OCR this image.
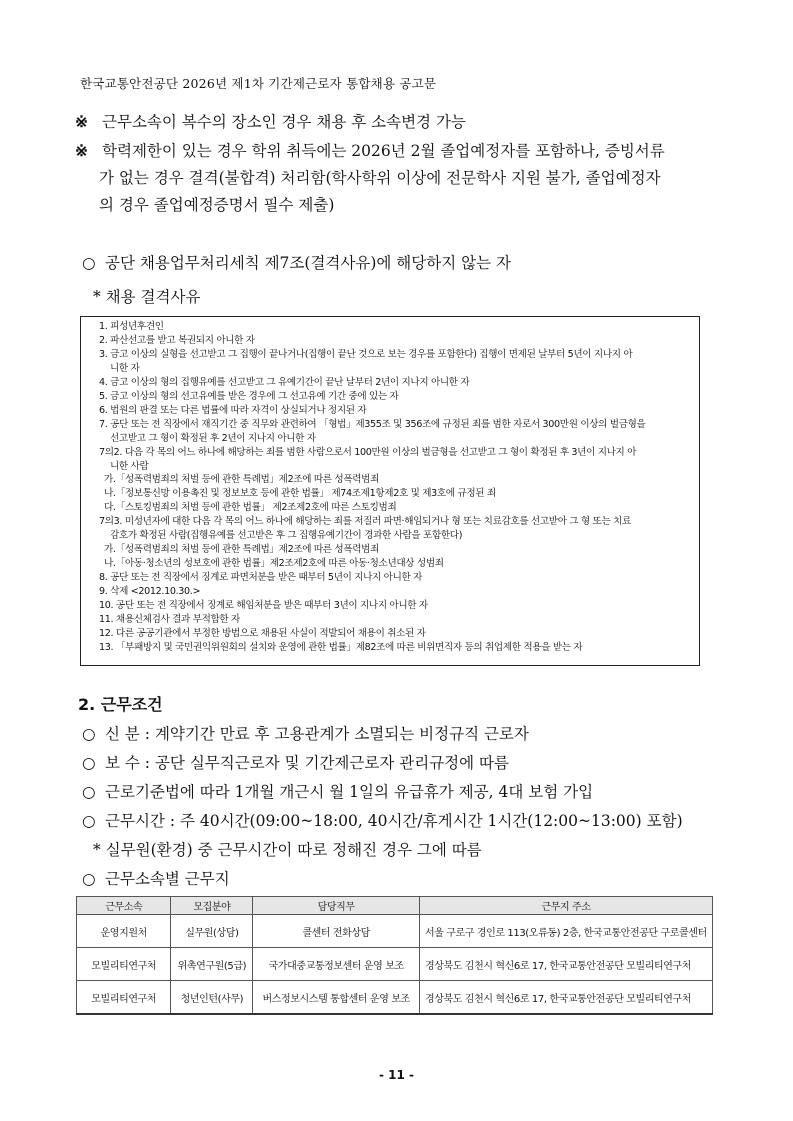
한국교통안전공단 2026년 제1차 기간제근로자 통합채용 공고문
※ 근무소속이 복수의 장소인 경우 채용 후 소속변경 가능
※ 학력제한이 있는 경우 학위 취득에는 2026년 2월 졸업예정자를 포함하나, 증빙서류
가 없는 경우 결격(불합격) 처리함(학사학위 이상에 전문학사 지원 불가, 졸업예정자
의 경우 졸업예정증명서 필수 제출)
○ 공단 채용업무처리세칙 제7조(결격사유)에 해당하지 않는 자
* 채용 결격사유
1. 피성년후견인
2. 파산선고를 받고 복권되지 아니한 자
3. 금고 이상의 실형을 선고받고 그 집행이 끝나거나(집행이 끝난 것으로 보는 경우를 포함한다) 집행이 면제된 날부터 5년이 지나지 아
니한 자
4. 금고 이상의 형의 집행유예를 선고받고 그 유예기간이 끝난 날부터 2년이 지나지 아니한 자
5. 금고 이상의 형의 선고유예를 받은 경우에 그 선고유예 기간 중에 있는 자
6. 법원의 판결 또는 다른 법률에 따라 자격이 상실되거나 정지된 자
7. 공단 또는 전 직장에서 재직기간 중 직무와 관련하여 「형법」제355조 및 356조에 규정된 죄를 범한 자로서 300만원 이상의 벌금형을
선고받고 그 형이 확정된 후 2년이 지나지 아니한 자
7의2. 다음 각 목의 어느 하나에 해당하는 죄를 범한 사람으로서 100만원 이상의 벌금형을 선고받고 그 형이 확정된 후 3년이 지나지 아
니한 사람
가.「성폭력범죄의 처벌 등에 관한 특례법」제2조에 따른 성폭력범죄
나.「정보통신망 이용촉진 및 정보보호 등에 관한 법률」 제74조제1항제2호 및 제3호에 규정된 죄
다.「스토킹범죄의 처벌 등에 관한 법률」 제2조제2호에 따른 스토킹범죄
7의3. 미성년자에 대한 다음 각 목의 어느 하나에 해당하는 죄를 저질러 파면·해임되거나 형 또는 치료감호를 선고받아 그 형 또는 치료
감호가 확정된 사람(집행유예를 선고받은 후 그 집행유예기간이 경과한 사람을 포함한다)
가.「성폭력범죄의 처벌 등에 관한 특례법」제2조에 따른 성폭력범죄
나.「아동·청소년의 성보호에 관한 법률」제2조제2호에 따른 아동·청소년대상 성범죄
8. 공단 또는 전 직장에서 징계로 파면처분을 받은 때부터 5년이 지나지 아니한 자
9. 삭제 <2012.10.30.>
10. 공단 또는 전 직장에서 징계로 해임처분을 받은 때부터 3년이 지나지 아니한 자
11. 채용신체검사 결과 부적합한 자
12. 다른 공공기관에서 부정한 방법으로 채용된 사실이 적발되어 채용이 취소된 자
13. 「부패방지 및 국민권익위원회의 설치와 운영에 관한 법률」제82조에 따른 비위면직자 등의 취업제한 적용을 받는 자
2. 근무조건
○ 신 분 : 계약기간 만료 후 고용관계가 소멸되는 비정규직 근로자
○ 보 수 : 공단 실무직근로자 및 기간제근로자 관리규정에 따름
○ 근로기준법에 따라 1개월 개근시 월 1일의 유급휴가 제공, 4대 보험 가입
○ 근무시간 : 주 40시간(09:00~18:00, 40시간/휴게시간 1시간(12:00~13:00) 포함)
* 실무원(환경) 중 근무시간이 따로 정해진 경우 그에 따름
○ 근무소속별 근무지
근무소속	모집분야	담당직무	근무지 주소
운영지원처	실무원(상담)	콜센터 전화상담	서울 구로구 경인로 113(오류동) 2층, 한국교통안전공단 구로콜센터
모빌리티연구처	위촉연구원(5급)	국가대중교통정보센터 운영 보조	경상북도 김천시 혁신6로 17, 한국교통안전공단 모빌리티연구처
모빌리티연구처	청년인턴(사무)	버스정보시스템 통합센터 운영 보조	경상북도 김천시 혁신6로 17, 한국교통안전공단 모빌리티연구처
- 11 -
